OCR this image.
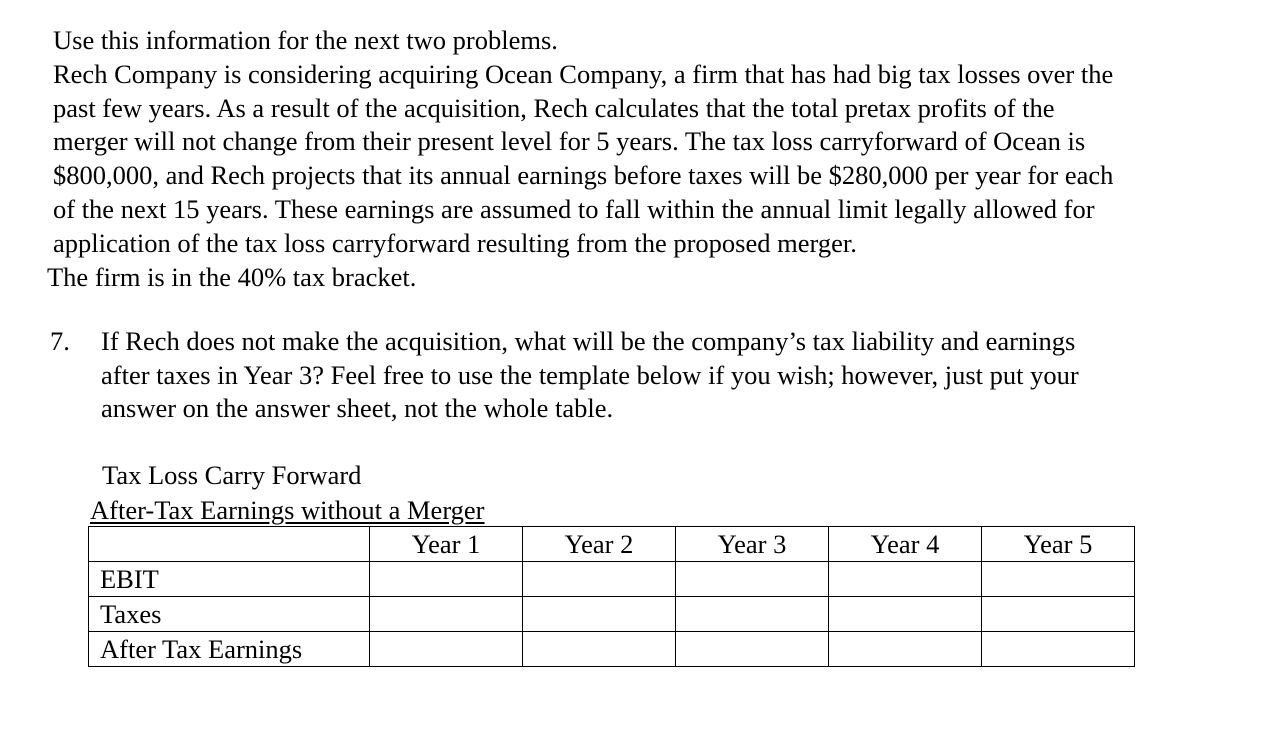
Use this information for the next two problems.
Rech Company is considering acquiring Ocean Company, a firm that has had big tax losses over the
past few years. As a result of the acquisition, Rech calculates that the total pretax profits of the
merger will not change from their present level for 5 years. The tax loss carryforward of Ocean is
$800,000, and Rech projects that its annual earnings before taxes will be $280,000 per year for each
of the next 15 years. These earnings are assumed to fall within the annual limit legally allowed for
application of the tax loss carryforward resulting from the proposed merger.
The firm is in the 40% tax bracket.
7. If Rech does not make the acquisition, what will be the company’s tax liability and earnings
after taxes in Year 3? Feel free to use the template below if you wish; however, just put your
answer on the answer sheet, not the whole table.
Tax Loss Carry Forward
After-Tax Earnings without a Merger
	Year 1	Year 2	Year 3	Year 4	Year 5
EBIT					
Taxes					
After Tax Earnings					
